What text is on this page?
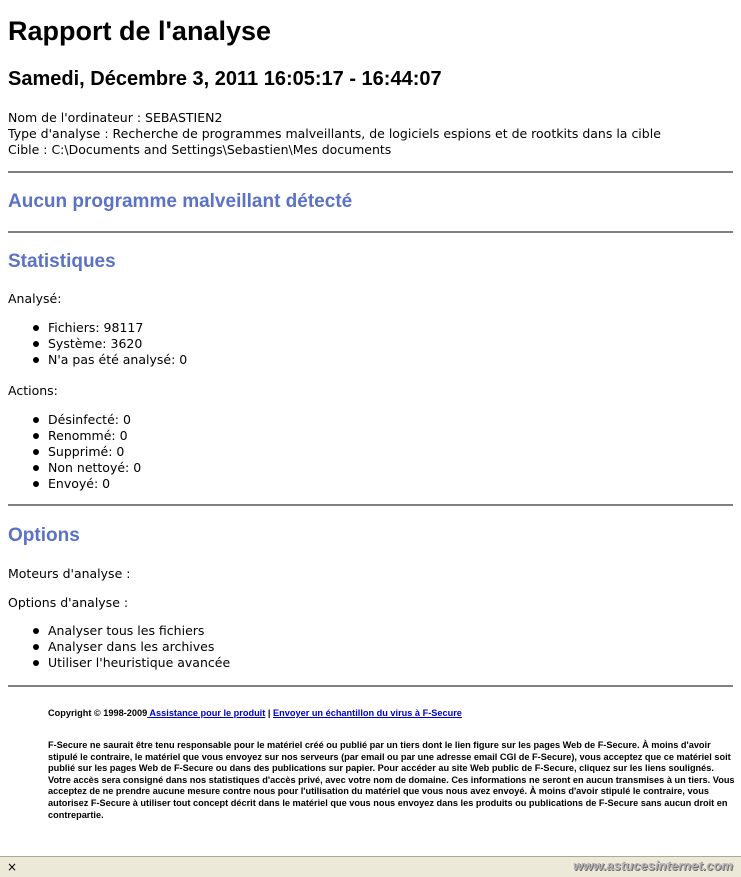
Rapport de l'analyse
Samedi, Décembre 3, 2011 16:05:17 - 16:44:07
Nom de l'ordinateur : SEBASTIEN2
Type d'analyse : Recherche de programmes malveillants, de logiciels espions et de rootkits dans la cible
Cible : C:\Documents and Settings\Sebastien\Mes documents
Aucun programme malveillant détecté
Statistiques
Analysé:
Fichiers: 98117
Système: 3620
N'a pas été analysé: 0
Actions:
Désinfecté: 0
Renommé: 0
Supprimé: 0
Non nettoyé: 0
Envoyé: 0
Options
Moteurs d'analyse :
Options d'analyse :
Analyser tous les fichiers
Analyser dans les archives
Utiliser l'heuristique avancée
Copyright © 1998-2009 Assistance pour le produit | Envoyer un échantillon du virus à F-Secure
F-Secure ne saurait être tenu responsable pour le matériel créé ou publié par un tiers dont le lien figure sur les pages Web de F-Secure. À moins d'avoir stipulé le contraire, le matériel que vous envoyez sur nos serveurs (par email ou par une adresse email CGI de F-Secure), vous acceptez que ce matériel soit publié sur les pages Web de F-Secure ou dans des publications sur papier. Pour accéder au site Web public de F-Secure, cliquez sur les liens soulignés. Votre accès sera consigné dans nos statistiques d'accès privé, avec votre nom de domaine. Ces informations ne seront en aucun transmises à un tiers. Vous acceptez de ne prendre aucune mesure contre nous pour l'utilisation du matériel que vous nous avez envoyé. À moins d'avoir stipulé le contraire, vous autorisez F-Secure à utiliser tout concept décrit dans le matériel que vous nous envoyez dans les produits ou publications de F-Secure sans aucun droit en contrepartie.
×	www.astucesinternet.com
